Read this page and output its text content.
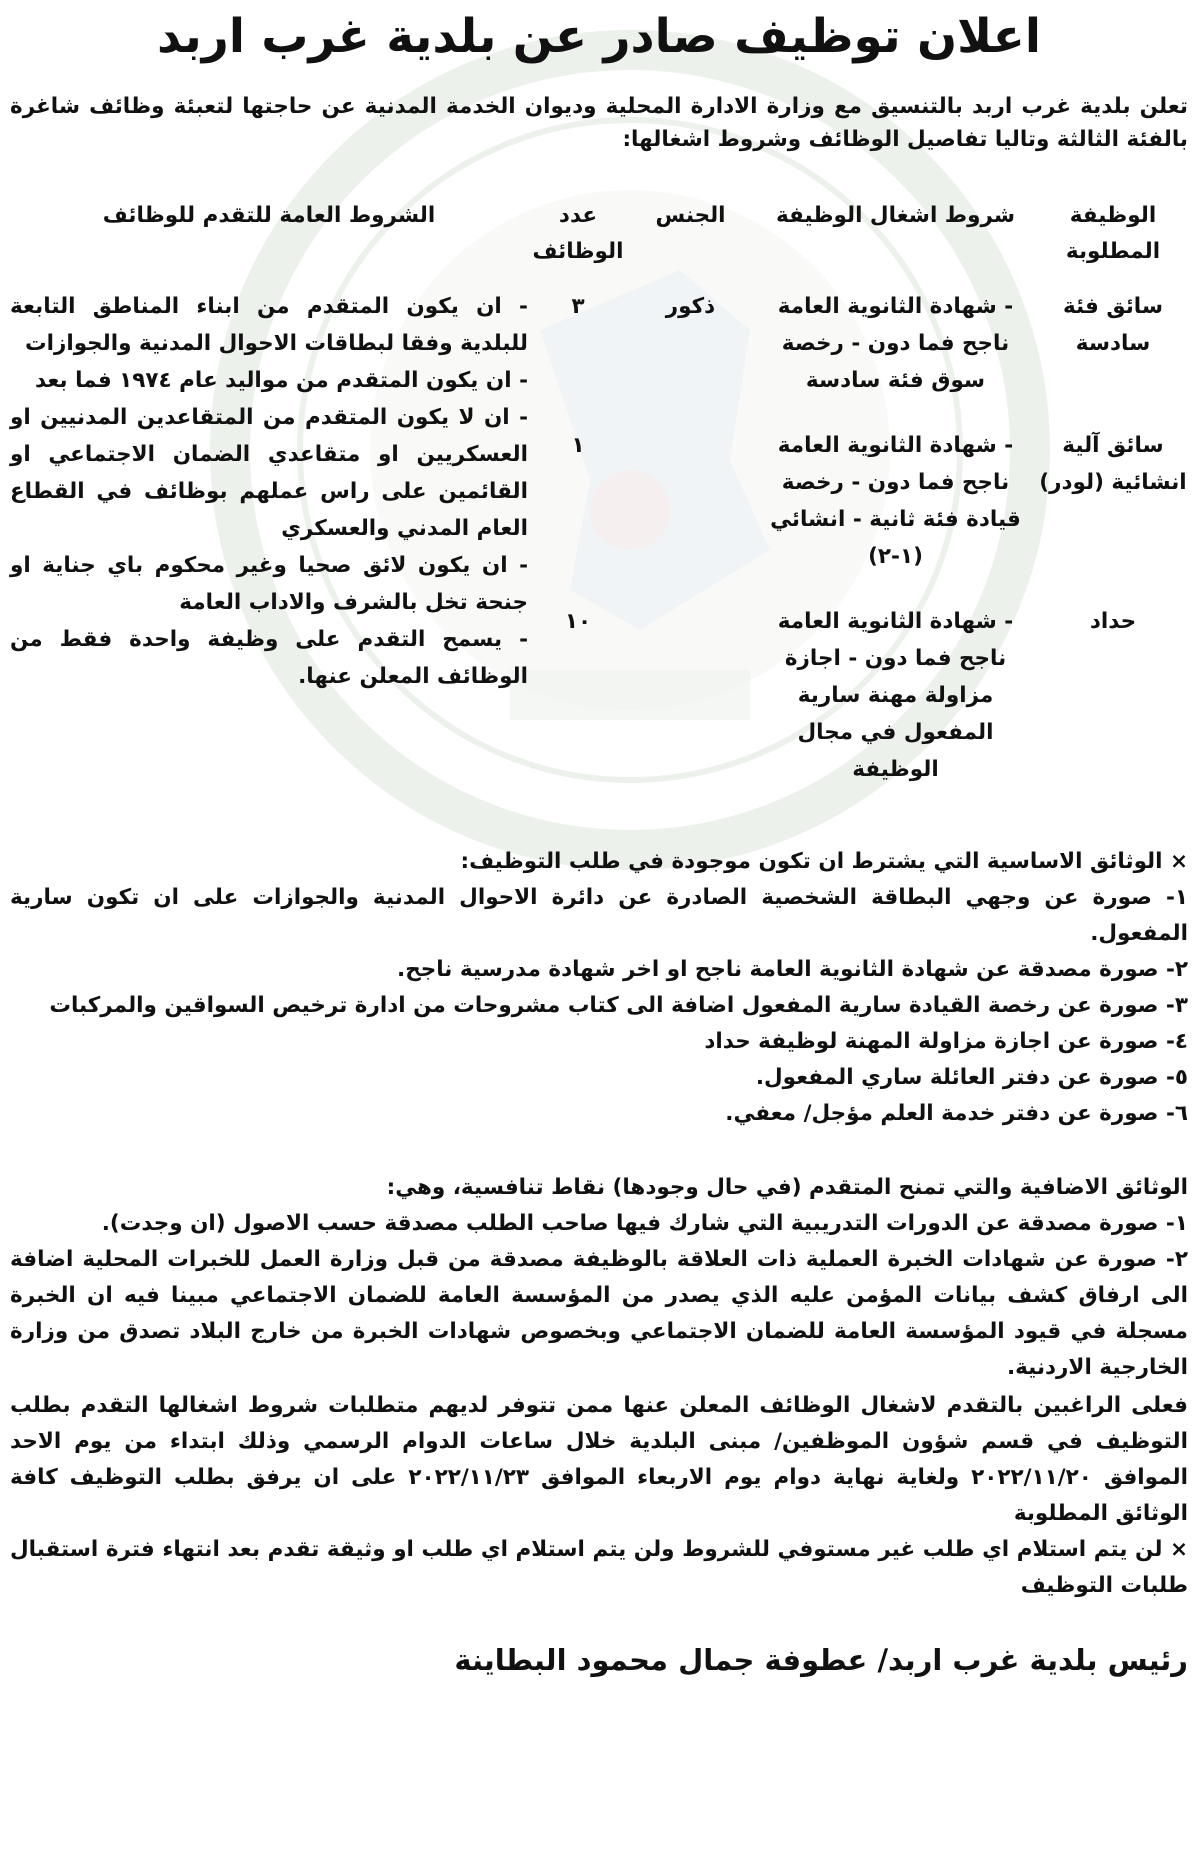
اعلان توظيف صادر عن بلدية غرب اربد

تعلن بلدية غرب اربد بالتنسيق مع وزارة الادارة المحلية وديوان الخدمة المدنية عن حاجتها لتعبئة وظائف شاغرة بالفئة الثالثة وتاليا تفاصيل الوظائف وشروط اشغالها:

الوظيفة المطلوبة	شروط اشغال الوظيفة	الجنس	عدد الوظائف	الشروط العامة للتقدم للوظائف
سائق فئة سادسة	- شهادة الثانوية العامة ناجح فما دون - رخصة سوق فئة سادسة	ذكور	٣	- ان يكون المتقدم من ابناء المناطق التابعة للبلدية وفقا لبطاقات الاحوال المدنية والجوازات
- ان يكون المتقدم من مواليد عام ١٩٧٤ فما بعد
- ان لا يكون المتقدم من المتقاعدين المدنيين او العسكريين او متقاعدي الضمان الاجتماعي او القائمين على راس عملهم بوظائف في القطاع العام المدني والعسكري
- ان يكون لائق صحيا وغير محكوم باي جناية او جنحة تخل بالشرف والاداب العامة
- يسمح التقدم على وظيفة واحدة فقط من الوظائف المعلن عنها.

سائق آلية انشائية (لودر)	- شهادة الثانوية العامة ناجح فما دون - رخصة قيادة فئة ثانية - انشائي (١-٢)		١	
حداد	- شهادة الثانوية العامة ناجح فما دون - اجازة مزاولة مهنة سارية المفعول في مجال الوظيفة		١٠	

× الوثائق الاساسية التي يشترط ان تكون موجودة في طلب التوظيف:

١- صورة عن وجهي البطاقة الشخصية الصادرة عن دائرة الاحوال المدنية والجوازات على ان تكون سارية المفعول.

٢- صورة مصدقة عن شهادة الثانوية العامة ناجح او اخر شهادة مدرسية ناجح.

٣- صورة عن رخصة القيادة سارية المفعول اضافة الى كتاب مشروحات من ادارة ترخيص السواقين والمركبات

٤- صورة عن اجازة مزاولة المهنة لوظيفة حداد

٥- صورة عن دفتر العائلة ساري المفعول.

٦- صورة عن دفتر خدمة العلم مؤجل/ معفي.

الوثائق الاضافية والتي تمنح المتقدم (في حال وجودها) نقاط تنافسية، وهي:

١- صورة مصدقة عن الدورات التدريبية التي شارك فيها صاحب الطلب مصدقة حسب الاصول (ان وجدت).

٢- صورة عن شهادات الخبرة العملية ذات العلاقة بالوظيفة مصدقة من قبل وزارة العمل للخبرات المحلية اضافة الى ارفاق كشف بيانات المؤمن عليه الذي يصدر من المؤسسة العامة للضمان الاجتماعي مبينا فيه ان الخبرة مسجلة في قيود المؤسسة العامة للضمان الاجتماعي وبخصوص شهادات الخبرة من خارج البلاد تصدق من وزارة الخارجية الاردنية.

فعلى الراغبين بالتقدم لاشغال الوظائف المعلن عنها ممن تتوفر لديهم متطلبات شروط اشغالها التقدم بطلب التوظيف في قسم شؤون الموظفين/ مبنى البلدية خلال ساعات الدوام الرسمي وذلك ابتداء من يوم الاحد الموافق ٢٠٢٢/١١/٢٠ ولغاية نهاية دوام يوم الاربعاء الموافق ٢٠٢٢/١١/٢٣ على ان يرفق بطلب التوظيف كافة الوثائق المطلوبة

× لن يتم استلام اي طلب غير مستوفي للشروط ولن يتم استلام اي طلب او وثيقة تقدم بعد انتهاء فترة استقبال طلبات التوظيف

رئيس بلدية غرب اربد/ عطوفة جمال محمود البطاينة
